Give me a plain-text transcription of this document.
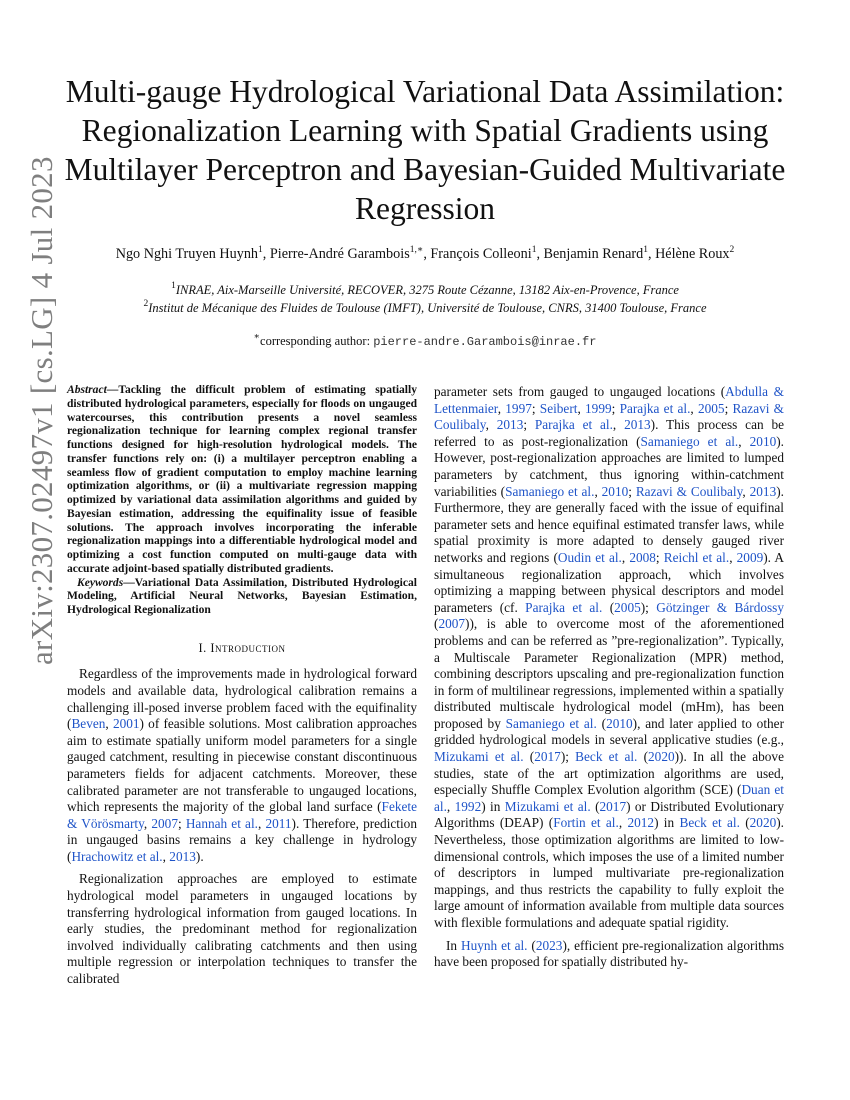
arXiv:2307.02497v1 [cs.LG] 4 Jul 2023
Multi-gauge Hydrological Variational Data Assimilation: Regionalization Learning with Spatial Gradients using Multilayer Perceptron and Bayesian-Guided Multivariate Regression
Ngo Nghi Truyen Huynh$^1$, Pierre-André Garambois$^{1,∗}$, François Colleoni$^1$, Benjamin Renard$^1$, Hélène Roux$^2$
$^1$INRAE, Aix-Marseille Université, RECOVER, 3275 Route Cézanne, 13182 Aix-en-Provence, France
$^2$Institut de Mécanique des Fluides de Toulouse (IMFT), Université de Toulouse, CNRS, 31400 Toulouse, France
∗corresponding author: pierre-andre.Garambois@inrae.fr

Abstract—Tackling the difficult problem of estimating spatially distributed hydrological parameters, especially for floods on ungauged watercourses, this contribution presents a novel seamless regionalization technique for learning complex regional transfer functions designed for high-resolution hydrological models. The transfer functions rely on: (i) a multilayer perceptron enabling a seamless flow of gradient computation to employ machine learning optimization algorithms, or (ii) a multivariate regression mapping optimized by variational data assimilation algorithms and guided by Bayesian estimation, addressing the equifinality issue of feasible solutions. The approach involves incorporating the inferable regionalization mappings into a differentiable hydrological model and optimizing a cost function computed on multi-gauge data with accurate adjoint-based spatially distributed gradients.

Keywords—Variational Data Assimilation, Distributed Hydrological Modeling, Artificial Neural Networks, Bayesian Estimation, Hydrological Regionalization

I. Introduction

Regardless of the improvements made in hydrological forward models and available data, hydrological calibration remains a challenging ill-posed inverse problem faced with the equifinality (Beven, 2001) of feasible solutions. Most calibration approaches aim to estimate spatially uniform model parameters for a single gauged catchment, resulting in piecewise constant discontinuous parameters fields for adjacent catchments. Moreover, these calibrated parameter are not transferable to ungauged locations, which represents the majority of the global land surface (Fekete & Vörösmarty, 2007; Hannah et al., 2011). Therefore, prediction in ungauged basins remains a key challenge in hydrology (Hrachowitz et al., 2013).

Regionalization approaches are employed to estimate hydrological model parameters in ungauged locations by transferring hydrological information from gauged locations. In early studies, the predominant method for regionalization involved individually calibrating catchments and then using multiple regression or interpolation techniques to transfer the calibrated

parameter sets from gauged to ungauged locations (Abdulla & Lettenmaier, 1997; Seibert, 1999; Parajka et al., 2005; Razavi & Coulibaly, 2013; Parajka et al., 2013). This process can be referred to as post-regionalization (Samaniego et al., 2010). However, post-regionalization approaches are limited to lumped parameters by catchment, thus ignoring within-catchment variabilities (Samaniego et al., 2010; Razavi & Coulibaly, 2013). Furthermore, they are generally faced with the issue of equifinal parameter sets and hence equifinal estimated transfer laws, while spatial proximity is more adapted to densely gauged river networks and regions (Oudin et al., 2008; Reichl et al., 2009). A simultaneous regionalization approach, which involves optimizing a mapping between physical descriptors and model parameters (cf. Parajka et al. (2005); Götzinger & Bárdossy (2007)), is able to overcome most of the aforementioned problems and can be referred as ”pre-regionalization”. Typically, a Multiscale Parameter Regionalization (MPR) method, combining descriptors upscaling and pre-regionalization function in form of multilinear regressions, implemented within a spatially distributed multiscale hydrological model (mHm), has been proposed by Samaniego et al. (2010), and later applied to other gridded hydrological models in several applicative studies (e.g., Mizukami et al. (2017); Beck et al. (2020)). In all the above studies, state of the art optimization algorithms are used, especially Shuffle Complex Evolution algorithm (SCE) (Duan et al., 1992) in Mizukami et al. (2017) or Distributed Evolutionary Algorithms (DEAP) (Fortin et al., 2012) in Beck et al. (2020). Nevertheless, those optimization algorithms are limited to low-dimensional controls, which imposes the use of a limited number of descriptors in lumped multivariate pre-regionalization mappings, and thus restricts the capability to fully exploit the large amount of information available from multiple data sources with flexible formulations and adequate spatial rigidity.

In Huynh et al. (2023), efficient pre-regionalization algorithms have been proposed for spatially distributed hy-
